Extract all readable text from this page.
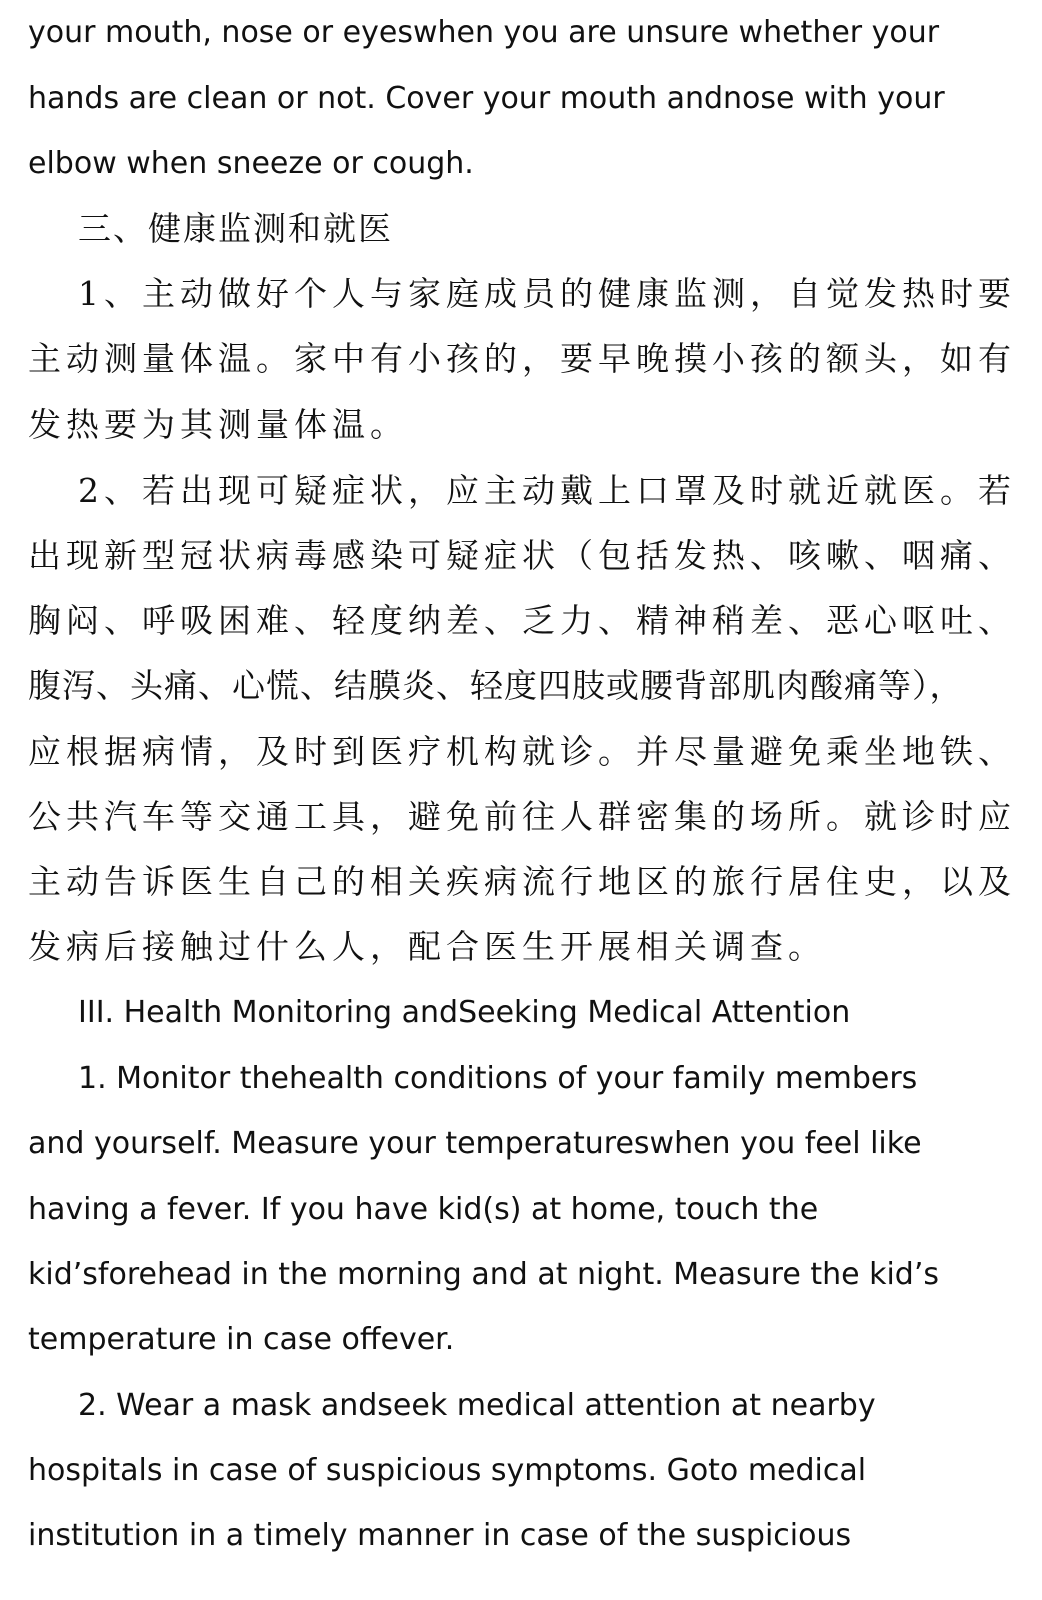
your mouth, nose or eyeswhen you are unsure whether your
hands are clean or not. Cover your mouth andnose with your
elbow when sneeze or cough.
三、健康监测和就医
1、主动做好个人与家庭成员的健康监测，自觉发热时要
主动测量体温。家中有小孩的，要早晚摸小孩的额头，如有
发热要为其测量体温。
2、若出现可疑症状，应主动戴上口罩及时就近就医。若
出现新型冠状病毒感染可疑症状（包括发热、咳嗽、咽痛、
胸闷、呼吸困难、轻度纳差、乏力、精神稍差、恶心呕吐、
腹泻、头痛、心慌、结膜炎、轻度四肢或腰背部肌肉酸痛等），
应根据病情，及时到医疗机构就诊。并尽量避免乘坐地铁、
公共汽车等交通工具，避免前往人群密集的场所。就诊时应
主动告诉医生自己的相关疾病流行地区的旅行居住史，以及
发病后接触过什么人，配合医生开展相关调查。
III. Health Monitoring andSeeking Medical Attention
1. Monitor thehealth conditions of your family members
and yourself. Measure your temperatureswhen you feel like
having a fever. If you have kid(s) at home, touch the
kid’sforehead in the morning and at night. Measure the kid’s
temperature in case offever.
2. Wear a mask andseek medical attention at nearby
hospitals in case of suspicious symptoms. Goto medical
institution in a timely manner in case of the suspicious
